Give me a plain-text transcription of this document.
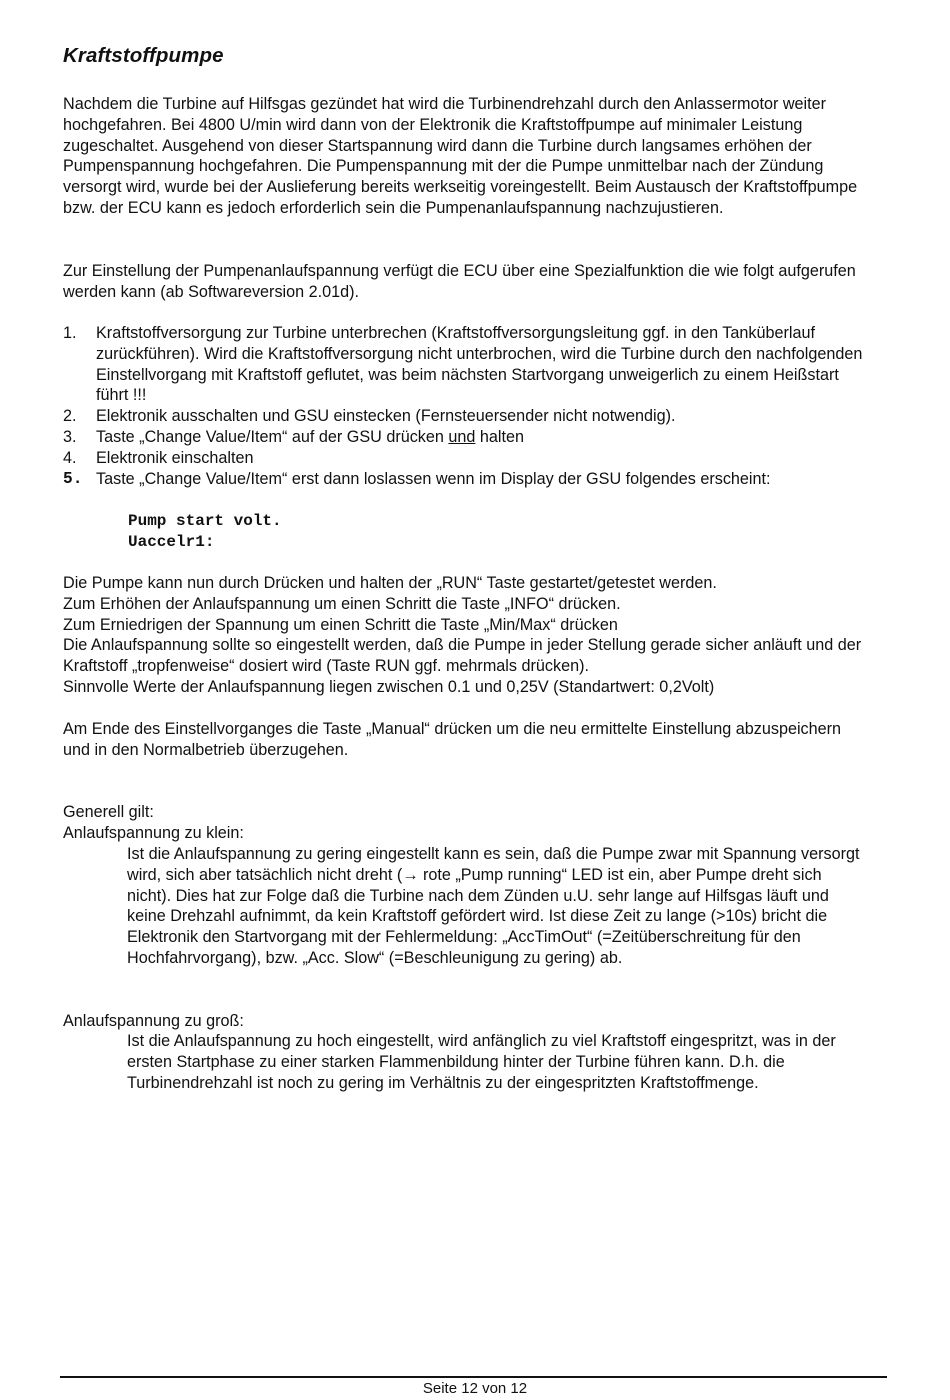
Kraftstoffpumpe

Nachdem die Turbine auf Hilfsgas gezündet hat wird die Turbinendrehzahl durch den Anlassermotor weiter hochgefahren. Bei 4800 U/min wird dann von der Elektronik die Kraftstoffpumpe auf minimaler Leistung zugeschaltet. Ausgehend von dieser Startspannung wird dann die Turbine durch langsames erhöhen der Pumpenspannung hochgefahren. Die Pumpenspannung mit der die Pumpe unmittelbar nach der Zündung versorgt wird, wurde bei der Auslieferung bereits werkseitig voreingestellt. Beim Austausch der Kraftstoffpumpe bzw. der ECU kann es jedoch erforderlich sein die Pumpenanlaufspannung nachzujustieren.

Zur Einstellung der Pumpenanlaufspannung verfügt die ECU über eine Spezialfunktion die wie folgt aufgerufen werden kann (ab Softwareversion 2.01d).

1. Kraftstoffversorgung zur Turbine unterbrechen (Kraftstoffversorgungsleitung ggf. in den Tanküberlauf zurückführen). Wird die Kraftstoffversorgung nicht unterbrochen, wird die Turbine durch den nachfolgenden Einstellvorgang mit Kraftstoff geflutet, was beim nächsten Startvorgang unweigerlich zu einem Heißstart führt !!!
2. Elektronik ausschalten und GSU einstecken (Fernsteuersender nicht notwendig).
3. Taste „Change Value/Item“ auf der GSU drücken und halten
4. Elektronik einschalten
5. Taste „Change Value/Item“ erst dann loslassen wenn im Display der GSU folgendes erscheint:
Pump start volt.
Uaccelr1:
Die Pumpe kann nun durch Drücken und halten der „RUN“ Taste gestartet/getestet werden.
Zum Erhöhen der Anlaufspannung um einen Schritt die Taste „INFO“ drücken.
Zum Erniedrigen der Spannung um einen Schritt die Taste „Min/Max“ drücken
Die Anlaufspannung sollte so eingestellt werden, daß die Pumpe in jeder Stellung gerade sicher anläuft und der Kraftstoff „tropfenweise“ dosiert wird (Taste RUN ggf. mehrmals drücken).
Sinnvolle Werte der Anlaufspannung liegen zwischen 0.1 und 0,25V (Standartwert: 0,2Volt)

Am Ende des Einstellvorganges die Taste „Manual“ drücken um die neu ermittelte Einstellung abzuspeichern und in den Normalbetrieb überzugehen.

Generell gilt:

Anlaufspannung zu klein:

Ist die Anlaufspannung zu gering eingestellt kann es sein, daß die Pumpe zwar mit Spannung versorgt wird, sich aber tatsächlich nicht dreht (→ rote „Pump running“ LED ist ein, aber Pumpe dreht sich nicht). Dies hat zur Folge daß die Turbine nach dem Zünden u.U. sehr lange auf Hilfsgas läuft und keine Drehzahl aufnimmt, da kein Kraftstoff gefördert wird. Ist diese Zeit zu lange (>10s) bricht die Elektronik den Startvorgang mit der Fehlermeldung: „AccTimOut“ (=Zeitüberschreitung für den Hochfahrvorgang), bzw. „Acc. Slow“ (=Beschleunigung zu gering) ab.

Anlaufspannung zu groß:

Ist die Anlaufspannung zu hoch eingestellt, wird anfänglich zu viel Kraftstoff eingespritzt, was in der ersten Startphase zu einer starken Flammenbildung hinter der Turbine führen kann. D.h. die Turbinendrehzahl ist noch zu gering im Verhältnis zu der eingespritzten Kraftstoffmenge.

Seite 12 von 12
